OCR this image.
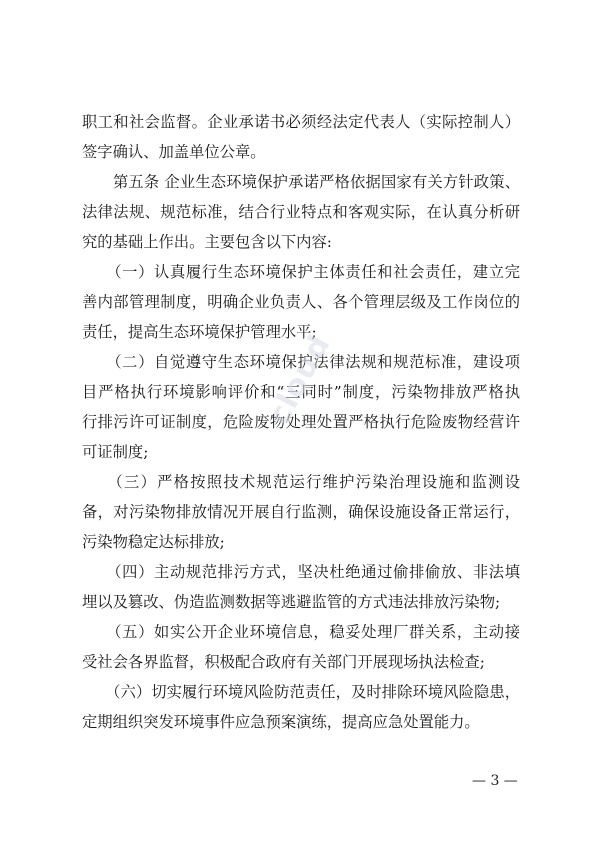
职工和社会监督。企业承诺书必须经法定代表人（实际控制人）
签字确认、加盖单位公章。
　　第五条 企业生态环境保护承诺严格依据国家有关方针政策、
法律法规、规范标准，结合行业特点和客观实际，在认真分析研
究的基础上作出。主要包含以下内容:
　　（一）认真履行生态环境保护主体责任和社会责任，建立完
善内部管理制度，明确企业负责人、各个管理层级及工作岗位的
责任，提高生态环境保护管理水平;
　　（二）自觉遵守生态环境保护法律法规和规范标准，建设项
目严格执行环境影响评价和“三同时”制度，污染物排放严格执
行排污许可证制度，危险废物处理处置严格执行危险废物经营许
可证制度;
　　（三）严格按照技术规范运行维护污染治理设施和监测设
备，对污染物排放情况开展自行监测，确保设施设备正常运行，
污染物稳定达标排放;
　　（四）主动规范排污方式，坚决杜绝通过偷排偷放、非法填
埋以及篡改、伪造监测数据等逃避监管的方式违法排放污染物;
　　（五）如实公开企业环境信息，稳妥处理厂群关系，主动接
受社会各界监督，积极配合政府有关部门开展现场执法检查;
　　（六）切实履行环境风险防范责任，及时排除环境风险隐患，
定期组织突发环境事件应急预案演练，提高应急处置能力。
cloud
— 3 —
